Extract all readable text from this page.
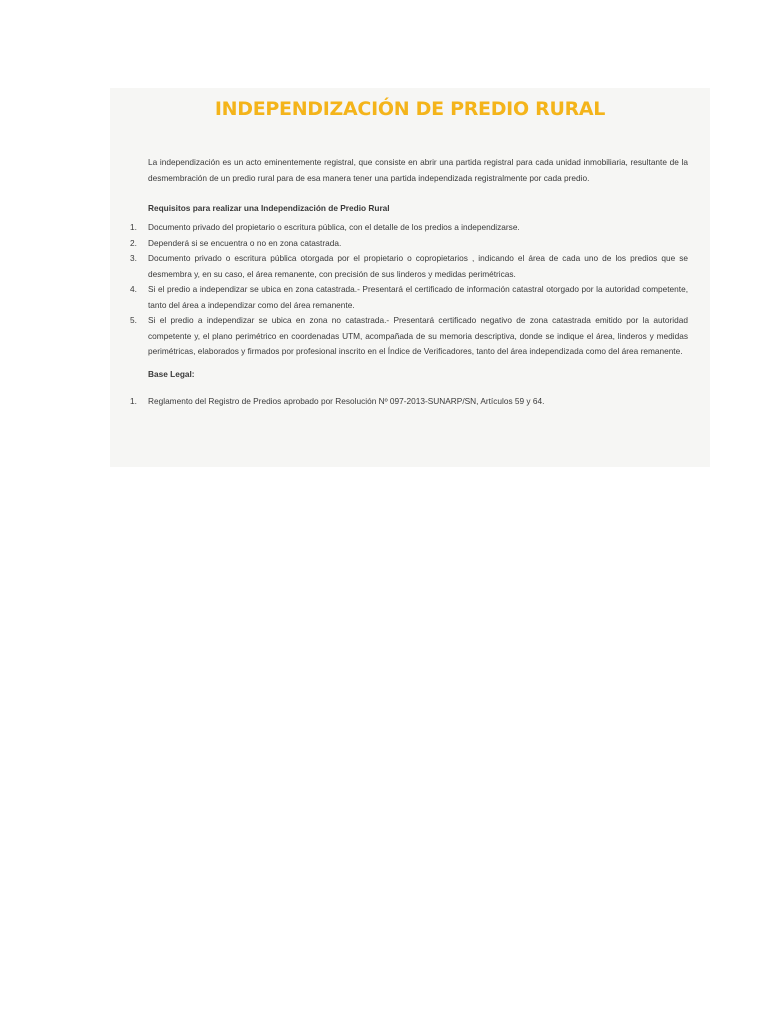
INDEPENDIZACIÓN DE PREDIO RURAL

La independización es un acto eminentemente registral, que consiste en abrir una partida registral para cada unidad inmobiliaria, resultante de la desmembración de un predio rural para de esa manera tener una partida independizada registralmente por cada predio.

Requisitos para realizar una Independización de Predio Rural
1. Documento privado del propietario o escritura pública, con el detalle de los predios a independizarse.
2. Dependerá si se encuentra o no en zona catastrada.
3. Documento privado o escritura pública otorgada por el propietario o copropietarios , indicando el área de cada uno de los predios que se desmembra y, en su caso, el área remanente, con precisión de sus linderos y medidas perimétricas.
4. Si el predio a independizar se ubica en zona catastrada.- Presentará el certificado de información catastral otorgado por la autoridad competente, tanto del área a independizar como del área remanente.
5. Si el predio a independizar se ubica en zona no catastrada.- Presentará certificado negativo de zona catastrada emitido por la autoridad competente y, el plano perimétrico en coordenadas UTM, acompañada de su memoria descriptiva, donde se indique el área, linderos y medidas perimétricas, elaborados y firmados por profesional inscrito en el Índice de Verificadores, tanto del área independizada como del área remanente.
Base Legal:
1. Reglamento del Registro de Predios aprobado por Resolución Nº 097-2013-SUNARP/SN, Artículos 59 y 64.
